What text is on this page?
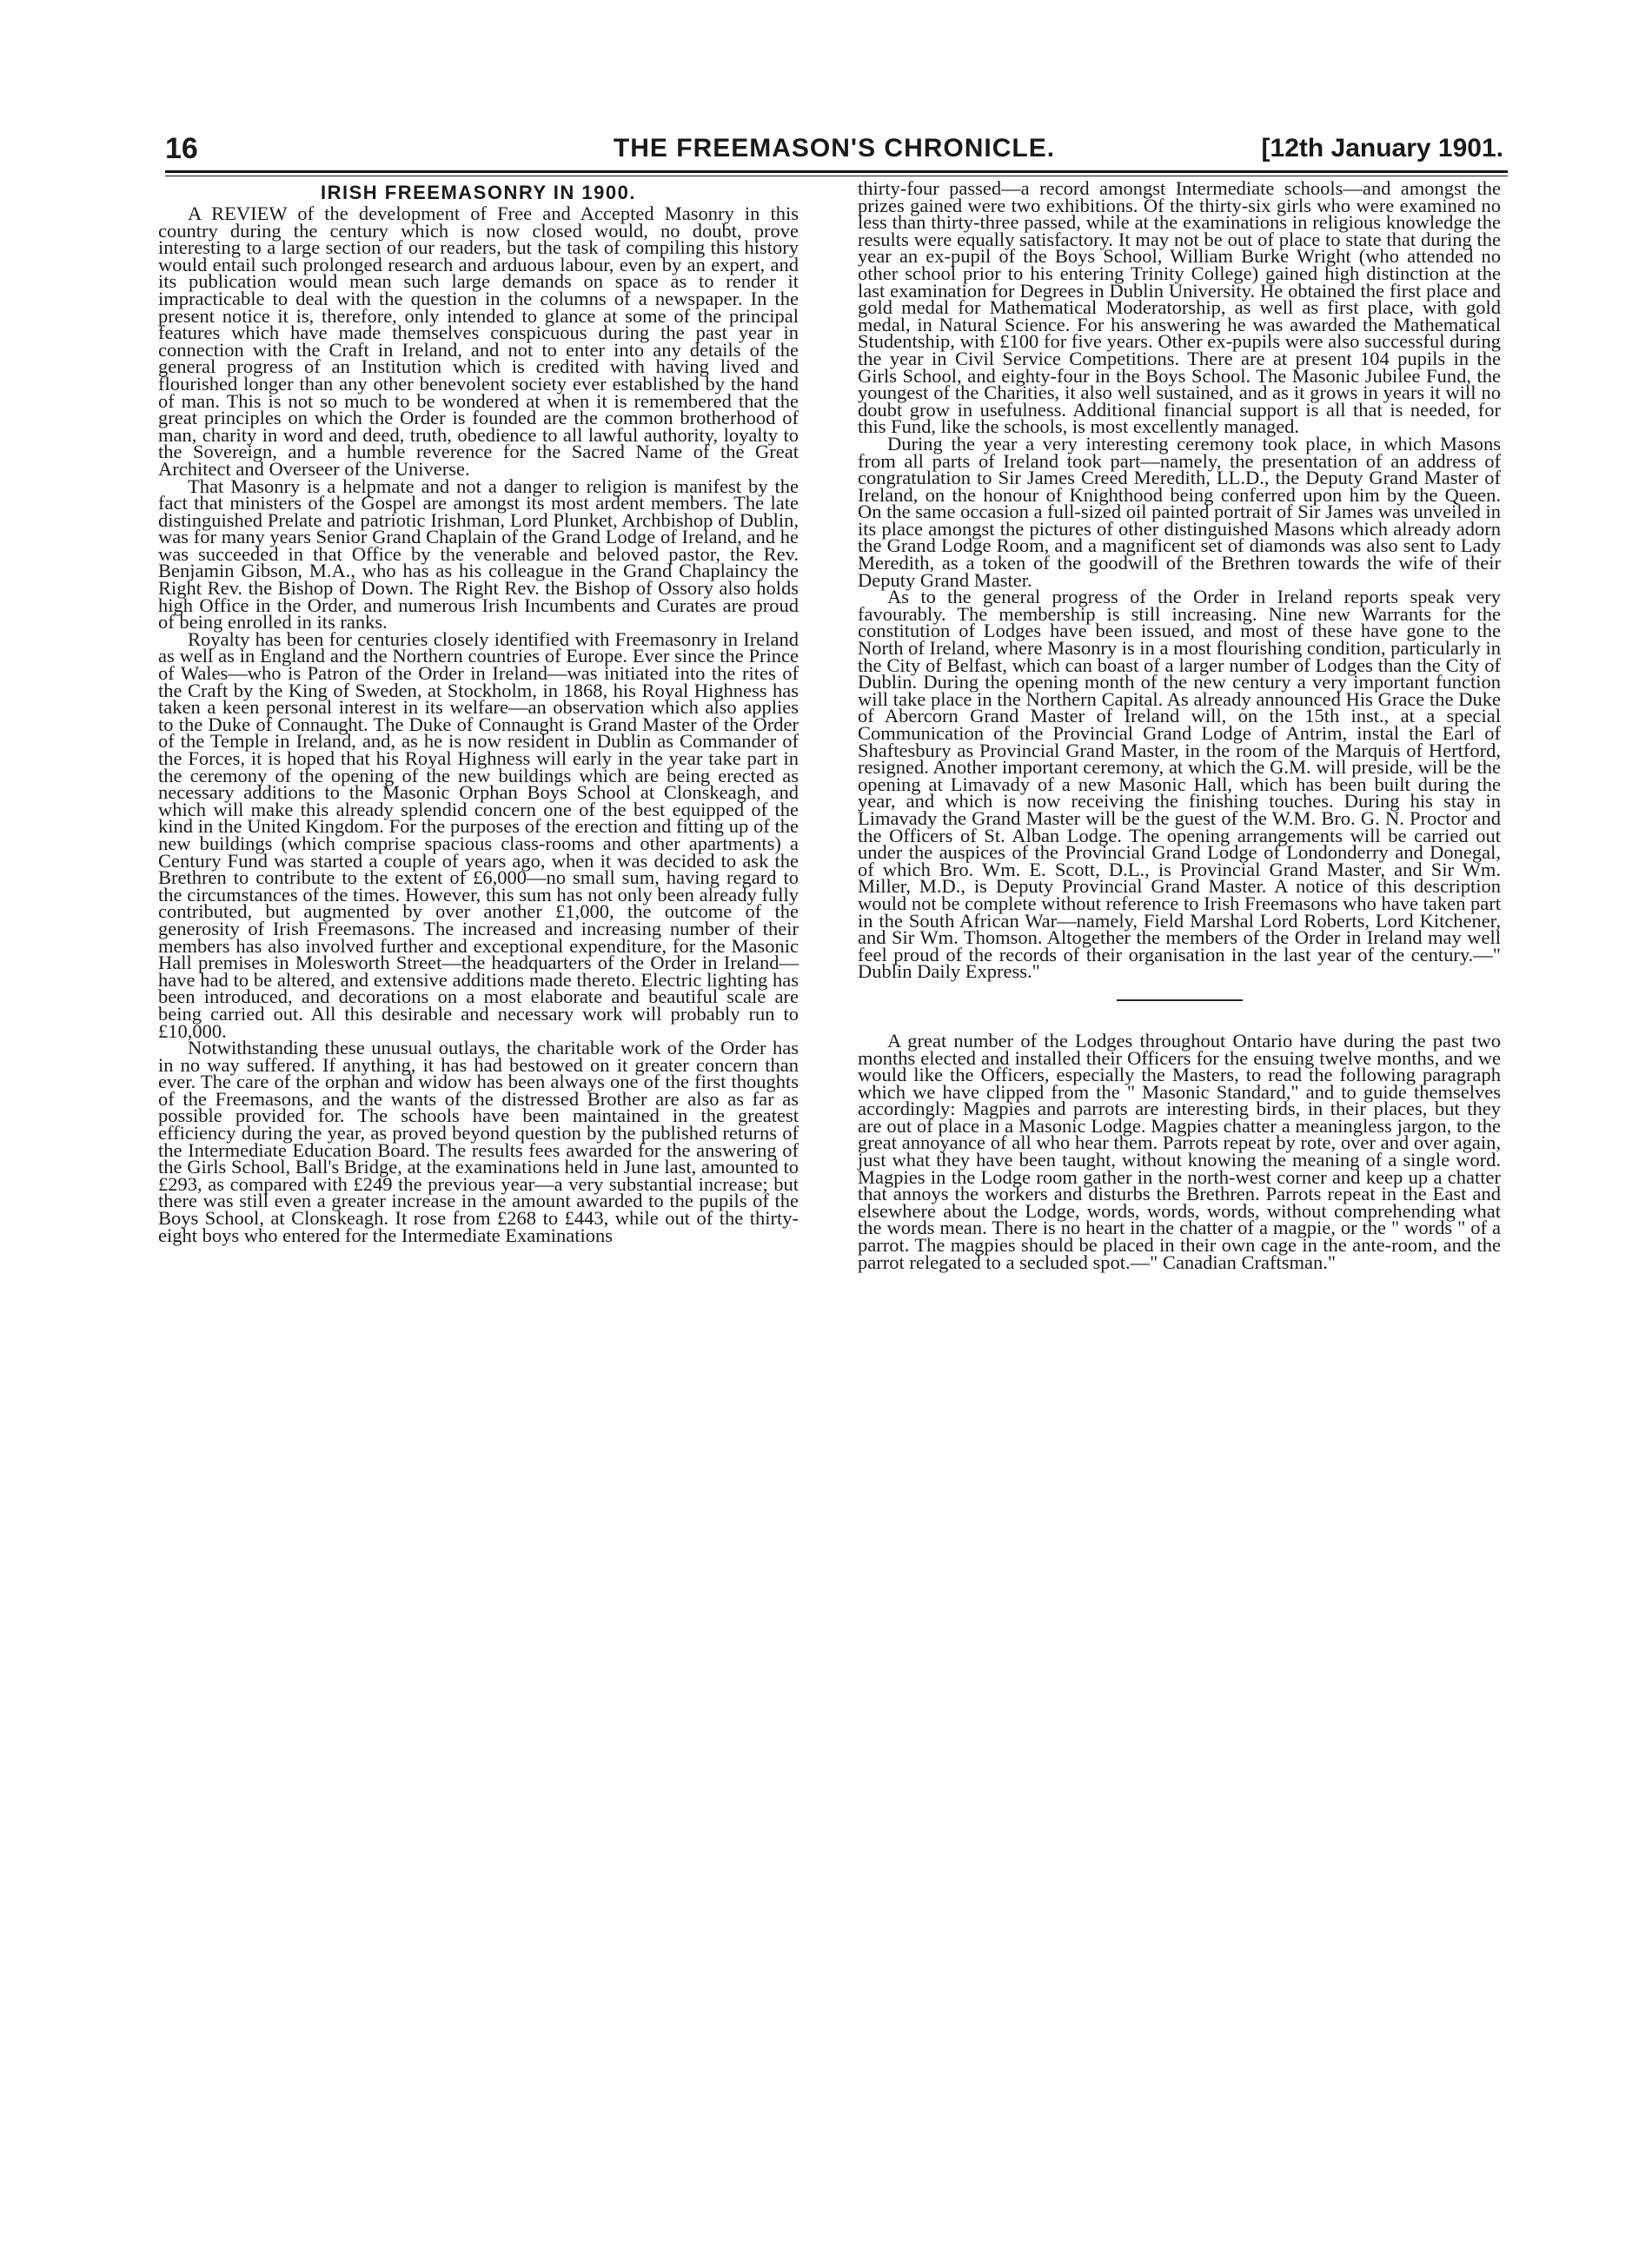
16	THE FREEMASON'S CHRONICLE.	[12th January 1901.
IRISH FREEMASONRY IN 1900.

A REVIEW of the development of Free and Accepted Masonry in this country during the century which is now closed would, no doubt, prove interesting to a large section of our readers, but the task of compiling this history would entail such prolonged research and arduous labour, even by an expert, and its publication would mean such large demands on space as to render it impracticable to deal with the question in the columns of a newspaper. In the present notice it is, therefore, only intended to glance at some of the principal features which have made themselves conspicuous during the past year in connection with the Craft in Ireland, and not to enter into any details of the general progress of an Institution which is credited with having lived and flourished longer than any other benevolent society ever established by the hand of man. This is not so much to be wondered at when it is remembered that the great principles on which the Order is founded are the common brotherhood of man, charity in word and deed, truth, obedience to all lawful authority, loyalty to the Sovereign, and a humble reverence for the Sacred Name of the Great Architect and Overseer of the Universe.

That Masonry is a helpmate and not a danger to religion is manifest by the fact that ministers of the Gospel are amongst its most ardent members. The late distinguished Prelate and patriotic Irishman, Lord Plunket, Archbishop of Dublin, was for many years Senior Grand Chaplain of the Grand Lodge of Ireland, and he was succeeded in that Office by the venerable and beloved pastor, the Rev. Benjamin Gibson, M.A., who has as his colleague in the Grand Chaplaincy the Right Rev. the Bishop of Down. The Right Rev. the Bishop of Ossory also holds high Office in the Order, and numerous Irish Incumbents and Curates are proud of being enrolled in its ranks.

Royalty has been for centuries closely identified with Freemasonry in Ireland as well as in England and the Northern countries of Europe. Ever since the Prince of Wales—who is Patron of the Order in Ireland—was initiated into the rites of the Craft by the King of Sweden, at Stockholm, in 1868, his Royal Highness has taken a keen personal interest in its welfare—an observation which also applies to the Duke of Connaught. The Duke of Connaught is Grand Master of the Order of the Temple in Ireland, and, as he is now resident in Dublin as Commander of the Forces, it is hoped that his Royal Highness will early in the year take part in the ceremony of the opening of the new buildings which are being erected as necessary additions to the Masonic Orphan Boys School at Clonskeagh, and which will make this already splendid concern one of the best equipped of the kind in the United Kingdom. For the purposes of the erection and fitting up of the new buildings (which comprise spacious class-rooms and other apartments) a Century Fund was started a couple of years ago, when it was decided to ask the Brethren to contribute to the extent of £6,000—no small sum, having regard to the circumstances of the times. However, this sum has not only been already fully contributed, but augmented by over another £1,000, the outcome of the generosity of Irish Freemasons. The increased and increasing number of their members has also involved further and exceptional expenditure, for the Masonic Hall premises in Molesworth Street—the headquarters of the Order in Ireland—have had to be altered, and extensive additions made thereto. Electric lighting has been introduced, and decorations on a most elaborate and beautiful scale are being carried out. All this desirable and necessary work will probably run to £10,000.

Notwithstanding these unusual outlays, the charitable work of the Order has in no way suffered. If anything, it has had bestowed on it greater concern than ever. The care of the orphan and widow has been always one of the first thoughts of the Freemasons, and the wants of the distressed Brother are also as far as possible provided for. The schools have been maintained in the greatest efficiency during the year, as proved beyond question by the published returns of the Intermediate Education Board. The results fees awarded for the answering of the Girls School, Ball's Bridge, at the examinations held in June last, amounted to £293, as compared with £249 the previous year—a very substantial increase; but there was still even a greater increase in the amount awarded to the pupils of the Boys School, at Clonskeagh. It rose from £268 to £443, while out of the thirty-eight boys who entered for the Intermediate Examinations

thirty-four passed—a record amongst Intermediate schools—and amongst the prizes gained were two exhibitions. Of the thirty-six girls who were examined no less than thirty-three passed, while at the examinations in religious knowledge the results were equally satisfactory. It may not be out of place to state that during the year an ex-pupil of the Boys School, William Burke Wright (who attended no other school prior to his entering Trinity College) gained high distinction at the last examination for Degrees in Dublin University. He obtained the first place and gold medal for Mathematical Moderatorship, as well as first place, with gold medal, in Natural Science. For his answering he was awarded the Mathematical Studentship, with £100 for five years. Other ex-pupils were also successful during the year in Civil Service Competitions. There are at present 104 pupils in the Girls School, and eighty-four in the Boys School. The Masonic Jubilee Fund, the youngest of the Charities, it also well sustained, and as it grows in years it will no doubt grow in usefulness. Additional financial support is all that is needed, for this Fund, like the schools, is most excellently managed.

During the year a very interesting ceremony took place, in which Masons from all parts of Ireland took part—namely, the presentation of an address of congratulation to Sir James Creed Meredith, LL.D., the Deputy Grand Master of Ireland, on the honour of Knighthood being conferred upon him by the Queen. On the same occasion a full-sized oil painted portrait of Sir James was unveiled in its place amongst the pictures of other distinguished Masons which already adorn the Grand Lodge Room, and a magnificent set of diamonds was also sent to Lady Meredith, as a token of the goodwill of the Brethren towards the wife of their Deputy Grand Master.

As to the general progress of the Order in Ireland reports speak very favourably. The membership is still increasing. Nine new Warrants for the constitution of Lodges have been issued, and most of these have gone to the North of Ireland, where Masonry is in a most flourishing condition, particularly in the City of Belfast, which can boast of a larger number of Lodges than the City of Dublin. During the opening month of the new century a very important function will take place in the Northern Capital. As already announced His Grace the Duke of Abercorn Grand Master of Ireland will, on the 15th inst., at a special Communication of the Provincial Grand Lodge of Antrim, instal the Earl of Shaftesbury as Provincial Grand Master, in the room of the Marquis of Hertford, resigned. Another important ceremony, at which the G.M. will preside, will be the opening at Limavady of a new Masonic Hall, which has been built during the year, and which is now receiving the finishing touches. During his stay in Limavady the Grand Master will be the guest of the W.M. Bro. G. N. Proctor and the Officers of St. Alban Lodge. The opening arrangements will be carried out under the auspices of the Provincial Grand Lodge of Londonderry and Donegal, of which Bro. Wm. E. Scott, D.L., is Provincial Grand Master, and Sir Wm. Miller, M.D., is Deputy Provincial Grand Master. A notice of this description would not be complete without reference to Irish Freemasons who have taken part in the South African War—namely, Field Marshal Lord Roberts, Lord Kitchener, and Sir Wm. Thomson. Altogether the members of the Order in Ireland may well feel proud of the records of their organisation in the last year of the century.—" Dublin Daily Express."

A great number of the Lodges throughout Ontario have during the past two months elected and installed their Officers for the ensuing twelve months, and we would like the Officers, especially the Masters, to read the following paragraph which we have clipped from the " Masonic Standard," and to guide themselves accordingly: Magpies and parrots are interesting birds, in their places, but they are out of place in a Masonic Lodge. Magpies chatter a meaningless jargon, to the great annoyance of all who hear them. Parrots repeat by rote, over and over again, just what they have been taught, without knowing the meaning of a single word. Magpies in the Lodge room gather in the north-west corner and keep up a chatter that annoys the workers and disturbs the Brethren. Parrots repeat in the East and elsewhere about the Lodge, words, words, words, without comprehending what the words mean. There is no heart in the chatter of a magpie, or the " words " of a parrot. The magpies should be placed in their own cage in the ante-room, and the parrot relegated to a secluded spot.—" Canadian Craftsman."
